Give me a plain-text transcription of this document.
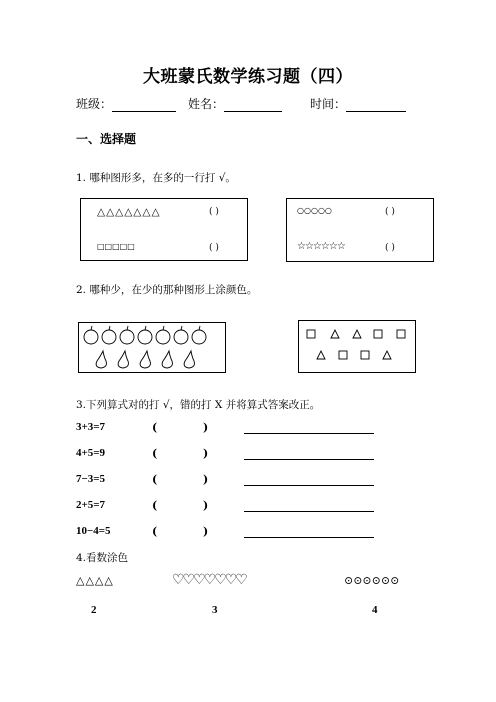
大班蒙氏数学练习题（四）
班级：	姓名：	时间：
一、选择题
1. 哪种图形多，在多的一行打 √。
△△△△△△△	( )
□□□□□	( )
○○○○○	( )
☆☆☆☆☆☆	( )
2. 哪种少，在少的那种图形上涂颜色。
3.下列算式对的打 √，错的打 X 并将算式答案改正。
3+3=7	(	)
4+5=9	(	)
7−3=5	(	)
2+5=7	(	)
10−4=5	(	)
4.看数涂色
△△△△
2
♡♡♡♡♡♡♡
3
⊙⊙⊙⊙⊙⊙
4
